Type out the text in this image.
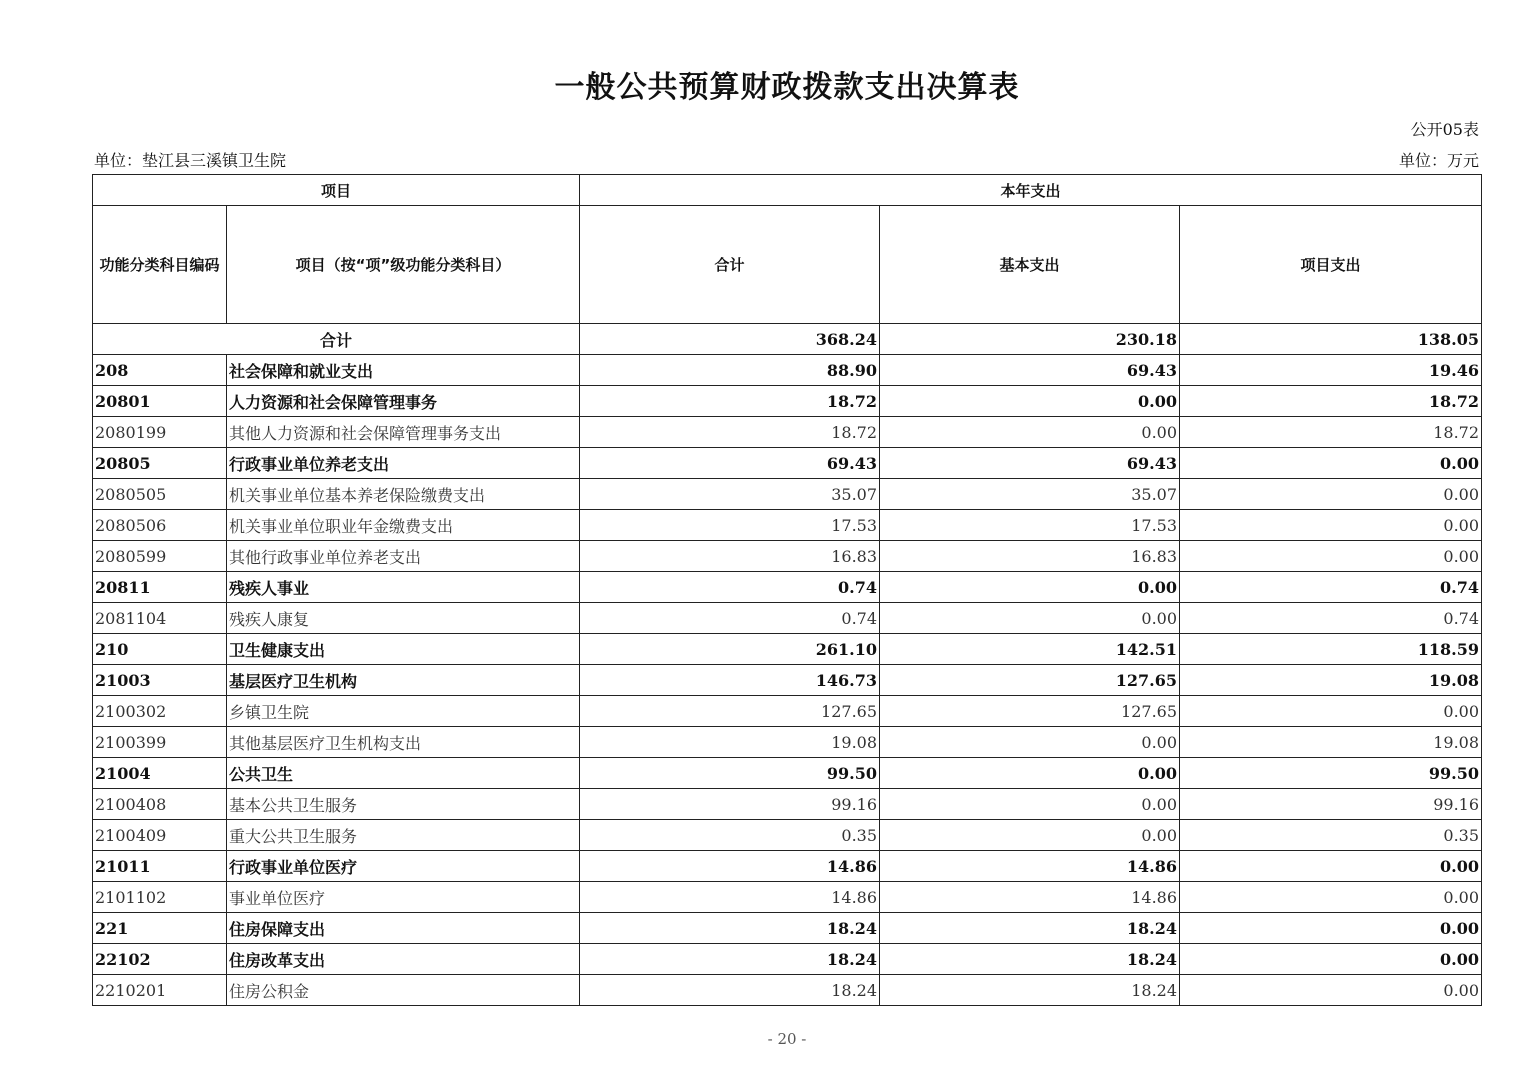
一般公共预算财政拨款支出决算表
公开05表
单位：垫江县三溪镇卫生院	单位：万元
项目		本年支出		
功能分类科目编码	项目（按“项”级功能分类科目）	合计	基本支出	项目支出
合计		368.24	230.18	138.05
208	社会保障和就业支出	88.90	69.43	19.46
20801	人力资源和社会保障管理事务	18.72	0.00	18.72
2080199	其他人力资源和社会保障管理事务支出	18.72	0.00	18.72
20805	行政事业单位养老支出	69.43	69.43	0.00
2080505	机关事业单位基本养老保险缴费支出	35.07	35.07	0.00
2080506	机关事业单位职业年金缴费支出	17.53	17.53	0.00
2080599	其他行政事业单位养老支出	16.83	16.83	0.00
20811	残疾人事业	0.74	0.00	0.74
2081104	残疾人康复	0.74	0.00	0.74
210	卫生健康支出	261.10	142.51	118.59
21003	基层医疗卫生机构	146.73	127.65	19.08
2100302	乡镇卫生院	127.65	127.65	0.00
2100399	其他基层医疗卫生机构支出	19.08	0.00	19.08
21004	公共卫生	99.50	0.00	99.50
2100408	基本公共卫生服务	99.16	0.00	99.16
2100409	重大公共卫生服务	0.35	0.00	0.35
21011	行政事业单位医疗	14.86	14.86	0.00
2101102	事业单位医疗	14.86	14.86	0.00
221	住房保障支出	18.24	18.24	0.00
22102	住房改革支出	18.24	18.24	0.00
2210201	住房公积金	18.24	18.24	0.00
- 20 -
